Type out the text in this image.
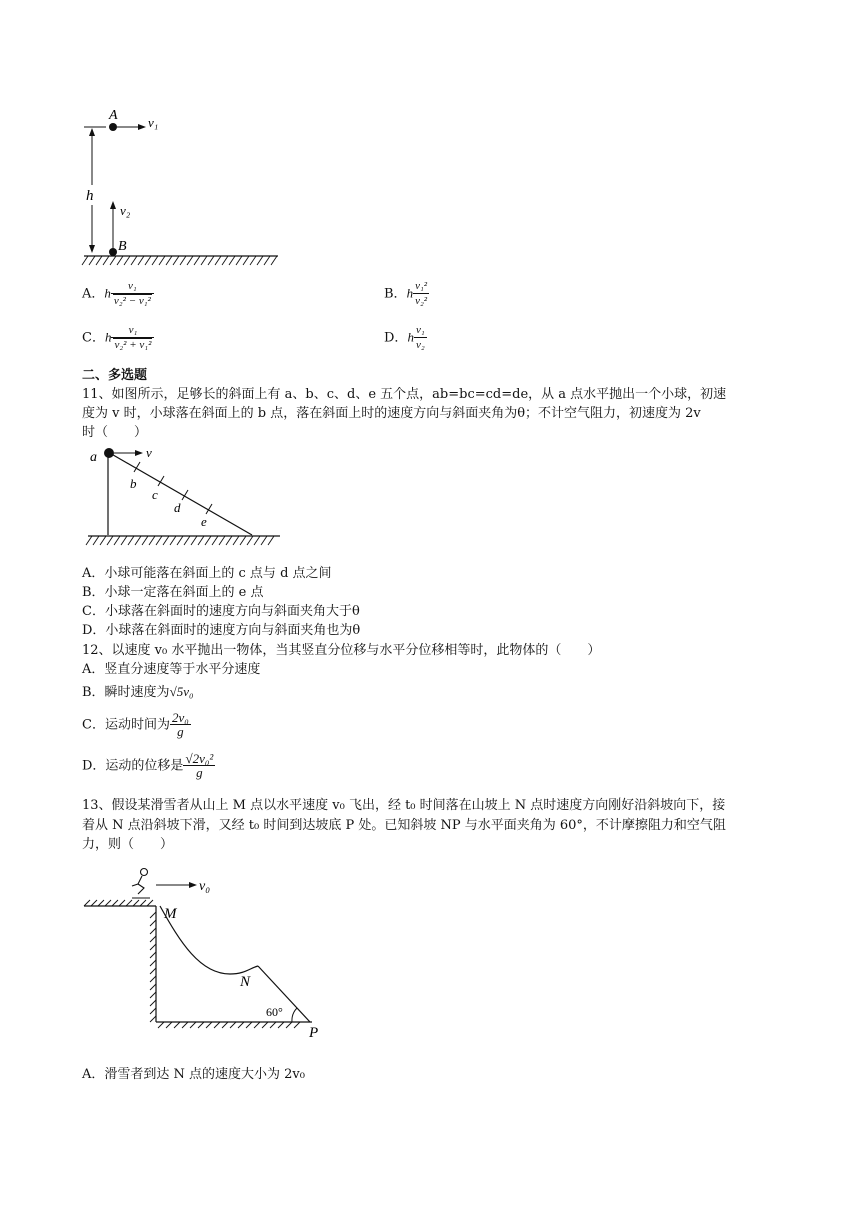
h
A v₁
v₂
B
A．h $\frac{\text{v₁}}{\text{v₂² − v₁²}}$	B．h $\frac{\text{v₁²}}{\text{v₂²}}$
C．h $\frac{\text{v₁}}{\text{v₂² + v₁²}}$	D．h $\frac{\text{v₁}}{\text{v₂}}$
二、多选题
11、如图所示，足够长的斜面上有 a、b、c、d、e 五个点，ab=bc=cd=de，从 a 点水平抛出一个小球，初速
度为 v 时，小球落在斜面上的 b 点，落在斜面上时的速度方向与斜面夹角为θ；不计空气阻力，初速度为 2v
时（　　）
a	v
b
c
d
e
A．小球可能落在斜面上的 c 点与 d 点之间
B．小球一定落在斜面上的 e 点
C．小球落在斜面时的速度方向与斜面夹角大于θ
D．小球落在斜面时的速度方向与斜面夹角也为θ
12、以速度 v₀ 水平抛出一物体，当其竖直分位移与水平分位移相等时，此物体的（　　）
A．竖直分速度等于水平分速度
B．瞬时速度为√5v₀
C．运动时间为 $\frac{\text{2v₀}}{g}$
D．运动的位移是 $\frac{\text{√2v₀²}}{g}$
13、假设某滑雪者从山上 M 点以水平速度 v₀ 飞出，经 t₀ 时间落在山坡上 N 点时速度方向刚好沿斜坡向下，接
着从 N 点沿斜坡下滑，又经 t₀ 时间到达坡底 P 处。已知斜坡 NP 与水平面夹角为 60°，不计摩擦阻力和空气阻
力，则（　　）
v₀
M
N
60°
P
A．滑雪者到达 N 点的速度大小为 2v₀
